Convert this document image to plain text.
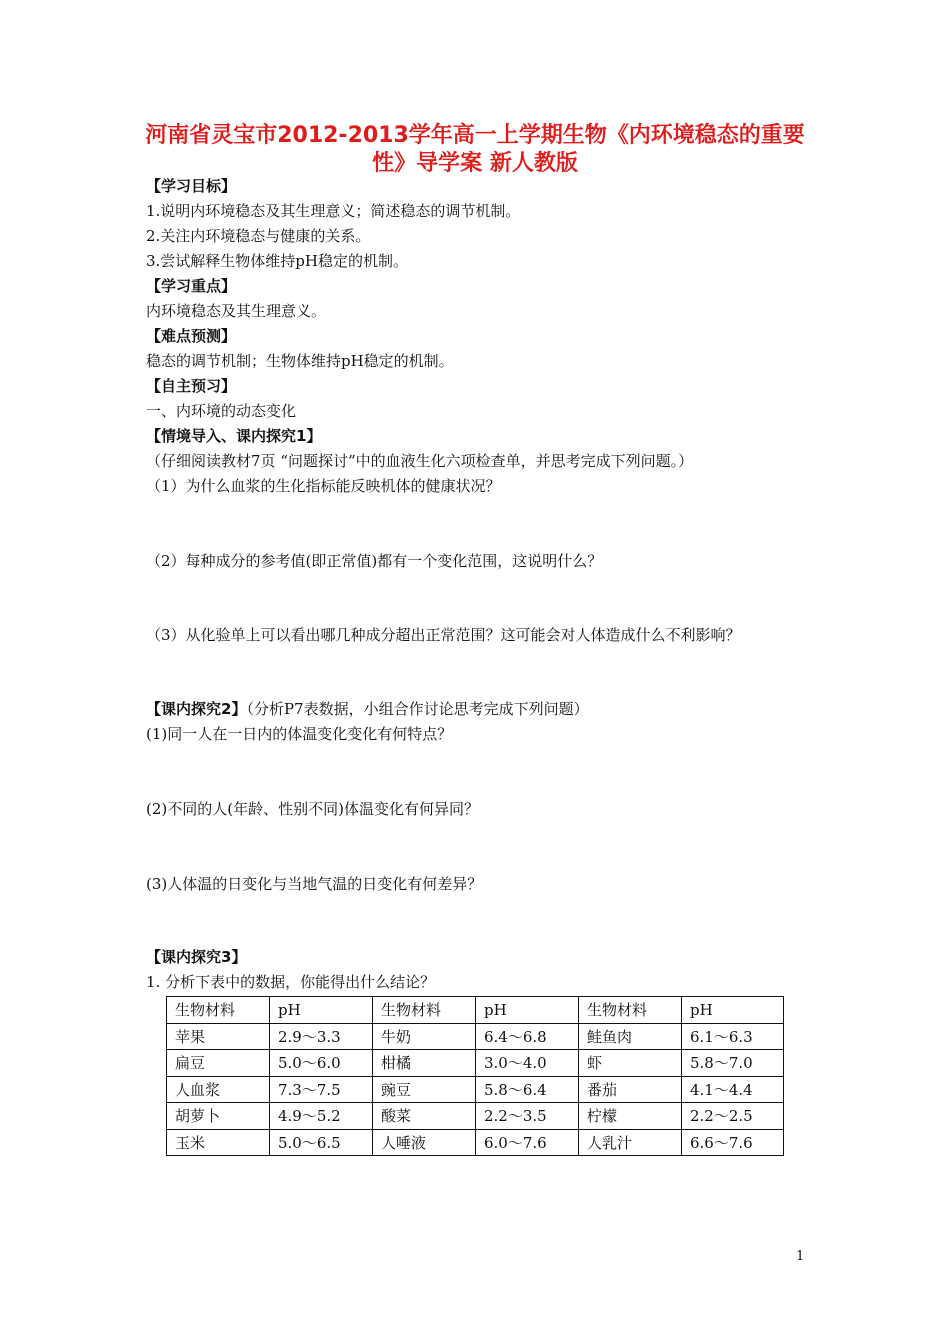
河南省灵宝市2012-2013学年高一上学期生物《内环境稳态的重要
性》导学案 新人教版
【学习目标】
1.说明内环境稳态及其生理意义；简述稳态的调节机制。
2.关注内环境稳态与健康的关系。
3.尝试解释生物体维持pH稳定的机制。
【学习重点】
内环境稳态及其生理意义。
【难点预测】
稳态的调节机制；生物体维持pH稳定的机制。
【自主预习】
一、内环境的动态变化
【情境导入、课内探究1】
（仔细阅读教材7页 “问题探讨”中的血液生化六项检查单，并思考完成下列问题。）
（1）为什么血浆的生化指标能反映机体的健康状况？
（2）每种成分的参考值(即正常值)都有一个变化范围，这说明什么？
（3）从化验单上可以看出哪几种成分超出正常范围？这可能会对人体造成什么不利影响？
【课内探究2】（分析P7表数据，小组合作讨论思考完成下列问题）
(1)同一人在一日内的体温变化变化有何特点？
(2)不同的人(年龄、性别不同)体温变化有何异同？
(3)人体温的日变化与当地气温的日变化有何差异？
【课内探究3】
1. 分析下表中的数据，你能得出什么结论？
生物材料	pH	生物材料	pH	生物材料	pH
苹果	2.9～3.3	牛奶	6.4～6.8	鲑鱼肉	6.1～6.3
扁豆	5.0～6.0	柑橘	3.0～4.0	虾	5.8～7.0
人血浆	7.3～7.5	豌豆	5.8～6.4	番茄	4.1～4.4
胡萝卜	4.9～5.2	酸菜	2.2～3.5	柠檬	2.2～2.5
玉米	5.0～6.5	人唾液	6.0～7.6	人乳汁	6.6～7.6
1
